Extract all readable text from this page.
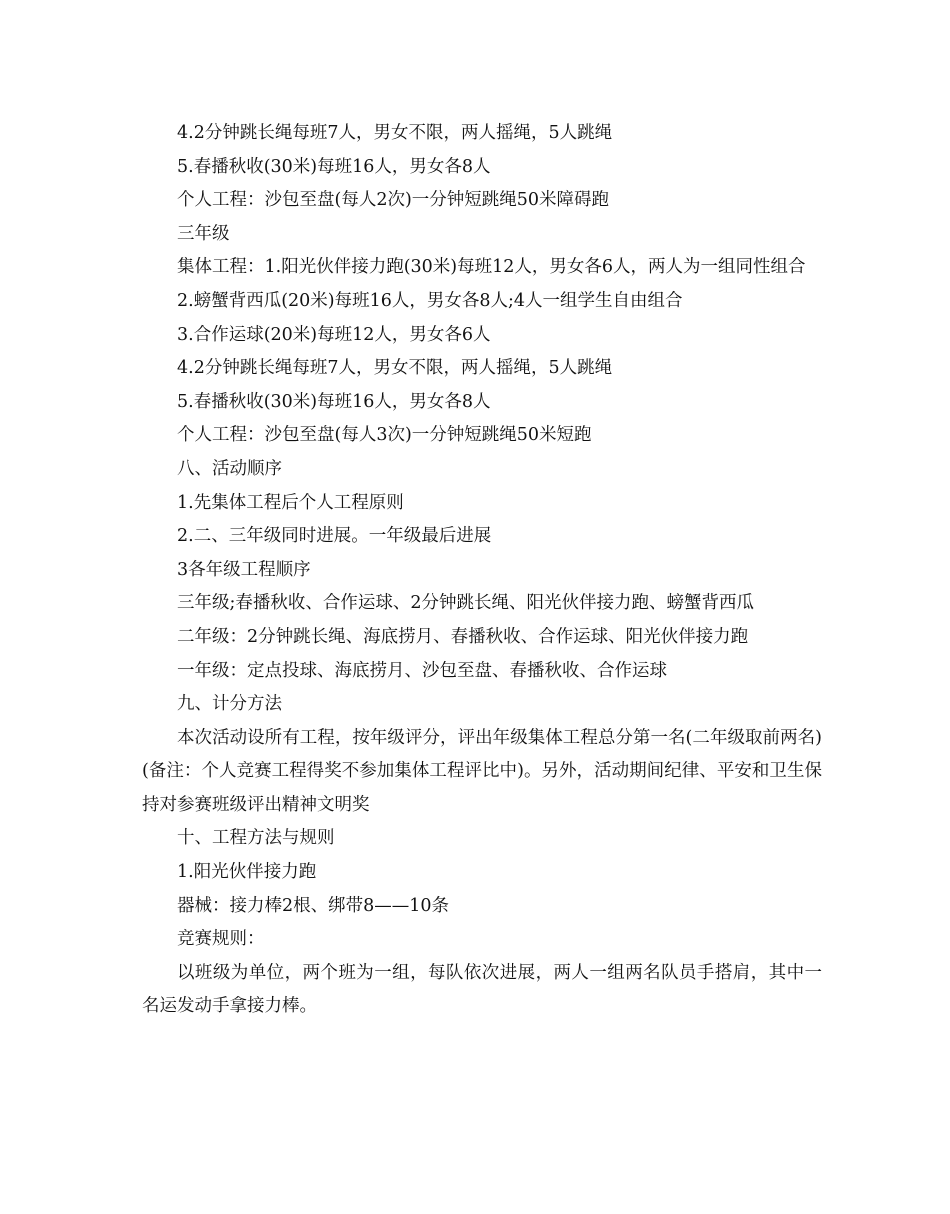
4.2分钟跳长绳每班7人，男女不限，两人摇绳，5人跳绳

5.春播秋收(30米)每班16人，男女各8人

个人工程：沙包至盘(每人2次)一分钟短跳绳50米障碍跑

三年级

集体工程：1.阳光伙伴接力跑(30米)每班12人，男女各6人，两人为一组同性组合

2.螃蟹背西瓜(20米)每班16人，男女各8人;4人一组学生自由组合

3.合作运球(20米)每班12人，男女各6人

4.2分钟跳长绳每班7人，男女不限，两人摇绳，5人跳绳

5.春播秋收(30米)每班16人，男女各8人

个人工程：沙包至盘(每人3次)一分钟短跳绳50米短跑

八、活动顺序

1.先集体工程后个人工程原则

2.二、三年级同时进展。一年级最后进展

3各年级工程顺序

三年级;春播秋收、合作运球、2分钟跳长绳、阳光伙伴接力跑、螃蟹背西瓜

二年级：2分钟跳长绳、海底捞月、春播秋收、合作运球、阳光伙伴接力跑

一年级：定点投球、海底捞月、沙包至盘、春播秋收、合作运球

九、计分方法

本次活动设所有工程，按年级评分，评出年级集体工程总分第一名(二年级取前两名)(备注：个人竞赛工程得奖不参加集体工程评比中)。另外，活动期间纪律、平安和卫生保持对参赛班级评出精神文明奖

十、工程方法与规则

1.阳光伙伴接力跑

器械：接力棒2根、绑带8——10条

竞赛规则：

以班级为单位，两个班为一组，每队依次进展，两人一组两名队员手搭肩，其中一名运发动手拿接力棒。
